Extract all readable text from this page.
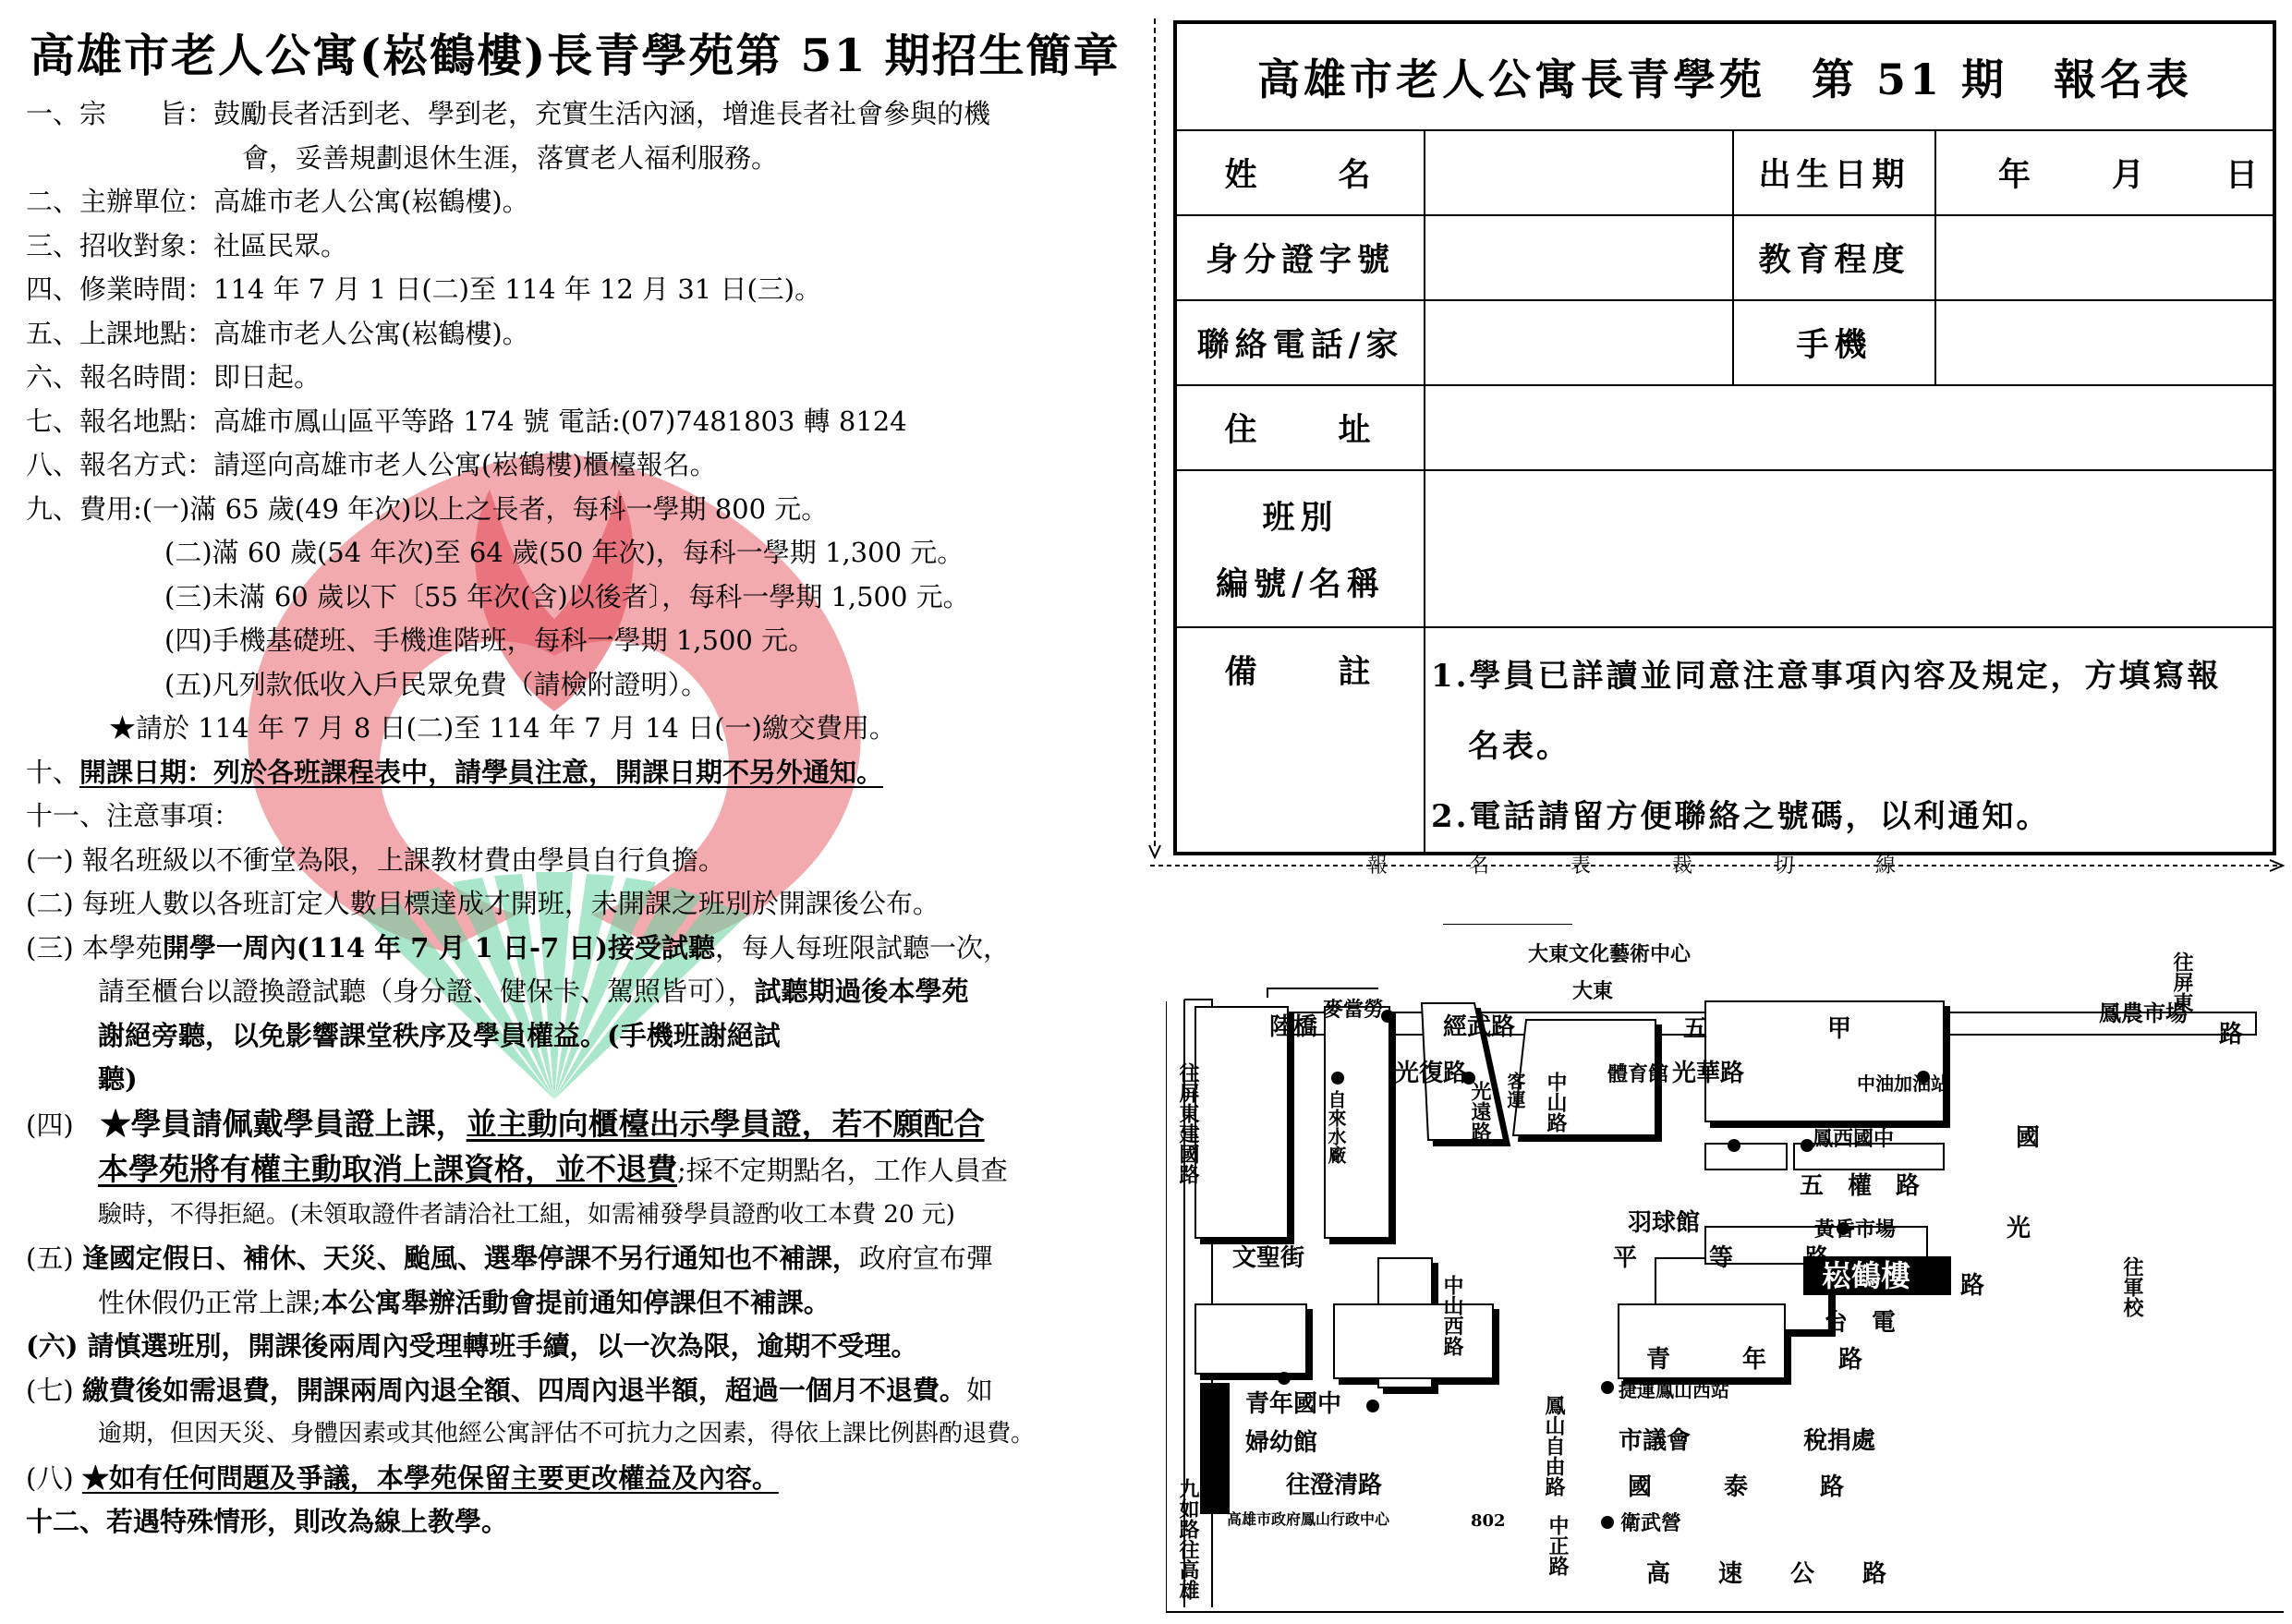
高雄市老人公寓(崧鶴樓)長青學苑第 51 期招生簡章
一、宗　　旨：鼓勵長者活到老、學到老，充實生活內涵，增進長者社會參與的機
會，妥善規劃退休生涯，落實老人福利服務。
二、主辦單位：高雄市老人公寓(崧鶴樓)。
三、招收對象：社區民眾。
四、修業時間：114 年 7 月 1 日(二)至 114 年 12 月 31 日(三)。
五、上課地點：高雄市老人公寓(崧鶴樓)。
六、報名時間：即日起。
七、報名地點：高雄市鳳山區平等路 174 號 電話:(07)7481803 轉 8124
八、報名方式：請逕向高雄市老人公寓(崧鶴樓)櫃檯報名。
九、費用:(一)滿 65 歲(49 年次)以上之長者，每科一學期 800 元。
(二)滿 60 歲(54 年次)至 64 歲(50 年次)，每科一學期 1,300 元。
(三)未滿 60 歲以下〔55 年次(含)以後者〕，每科一學期 1,500 元。
(四)手機基礎班、手機進階班，每科一學期 1,500 元。
(五)凡列款低收入戶民眾免費（請檢附證明）。
★請於 114 年 7 月 8 日(二)至 114 年 7 月 14 日(一)繳交費用。
十、開課日期：列於各班課程表中，請學員注意，開課日期不另外通知。
十一、注意事項：
(一) 報名班級以不衝堂為限，上課教材費由學員自行負擔。
(二) 每班人數以各班訂定人數目標達成才開班，未開課之班別於開課後公布。
(三) 本學苑開學一周內(114 年 7 月 1 日-7 日)接受試聽，每人每班限試聽一次，
請至櫃台以證換證試聽（身分證、健保卡、駕照皆可），試聽期過後本學苑
謝絕旁聽，以免影響課堂秩序及學員權益。(手機班謝絕試
聽)
(四)　★學員請佩戴學員證上課，並主動向櫃檯出示學員證，若不願配合
本學苑將有權主動取消上課資格，並不退費;採不定期點名，工作人員查
驗時，不得拒絕。(未領取證件者請洽社工組，如需補發學員證酌收工本費 20 元)
(五) 逢國定假日、補休、天災、颱風、選舉停課不另行通知也不補課，政府宣布彈
性休假仍正常上課;本公寓舉辦活動會提前通知停課但不補課。
(六) 請慎選班別，開課後兩周內受理轉班手續，以一次為限，逾期不受理。
(七) 繳費後如需退費，開課兩周內退全額、四周內退半額，超過一個月不退費。如
逾期，但因天災、身體因素或其他經公寓評估不可抗力之因素，得依上課比例斟酌退費。
(八) ★如有任何問題及爭議，本學苑保留主要更改權益及內容。
十二、若遇特殊情形，則改為線上教學。
高雄市老人公寓長青學苑　第 51 期　報名表			
姓　　名		出生日期	年　　月　　日
身分證字號		教育程度	
聯絡電話/家		手機	
住　　址			

班別
編號/名稱			

備　　註	1.學員已詳讀並同意注意事項內容及規定，方填寫報
名表。
2.電話請留方便聯絡之號碼，以利通知。		
報　　　　名　　　　表　　　　裁　　　　切　　　　線
大東文化藝術中心
大東
麥當勞
陸橋	經武路	五　　　　　甲
鳳農市場
路
光復路	體育館 光華路	中油加油站
鳳西國中	國
五　權　路
羽球館	黃昏市場	光
文聖街	平　　　等　　　路
崧鶴樓 路
台　電
青　　　年　　　路
捷運鳳山西站
青年國中
婦幼館	市議會	稅捐處
往澄清路	國　　　泰　　　路
高雄市政府鳳山行政中心	802	衛武營
高　　速　　公　　路
往屏東建國路
往屏東
中山路
光遠路 客運
自來水廠
往軍校
中山西路
鳳山自由路
九如路往高雄	中正路
